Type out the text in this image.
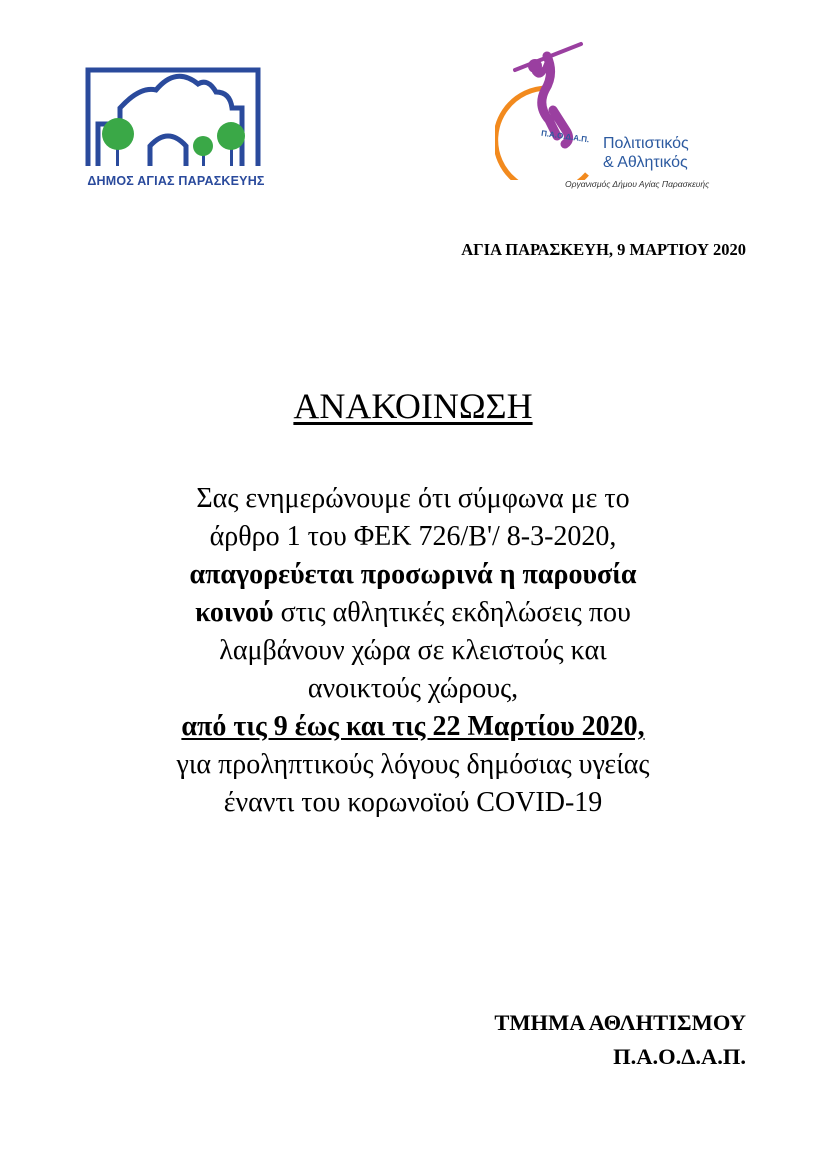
ΔΗΜΟΣ ΑΓΙΑΣ ΠΑΡΑΣΚΕΥΗΣ
Π.Α.Ο.Δ.Α.Π. Πολιτιστικός
& Αθλητικός
Οργανισμός Δήμου Αγίας Παρασκευής
ΑΓΙΑ ΠΑΡΑΣΚΕΥΗ, 9 ΜΑΡΤΙΟΥ 2020
ΑΝΑΚΟΙΝΩΣΗ
Σας ενημερώνουμε ότι σύμφωνα με το
άρθρο 1 του ΦΕΚ 726/Β'/ 8-3-2020,
απαγορεύεται προσωρινά η παρουσία
κοινού στις αθλητικές εκδηλώσεις που
λαμβάνουν χώρα σε κλειστούς και
ανοικτούς χώρους,
από τις 9 έως και τις 22 Μαρτίου 2020,
για προληπτικούς λόγους δημόσιας υγείας
έναντι του κορωνοϊού COVID-19
ΤΜΗΜΑ ΑΘΛΗΤΙΣΜΟΥ
Π.Α.Ο.Δ.Α.Π.
